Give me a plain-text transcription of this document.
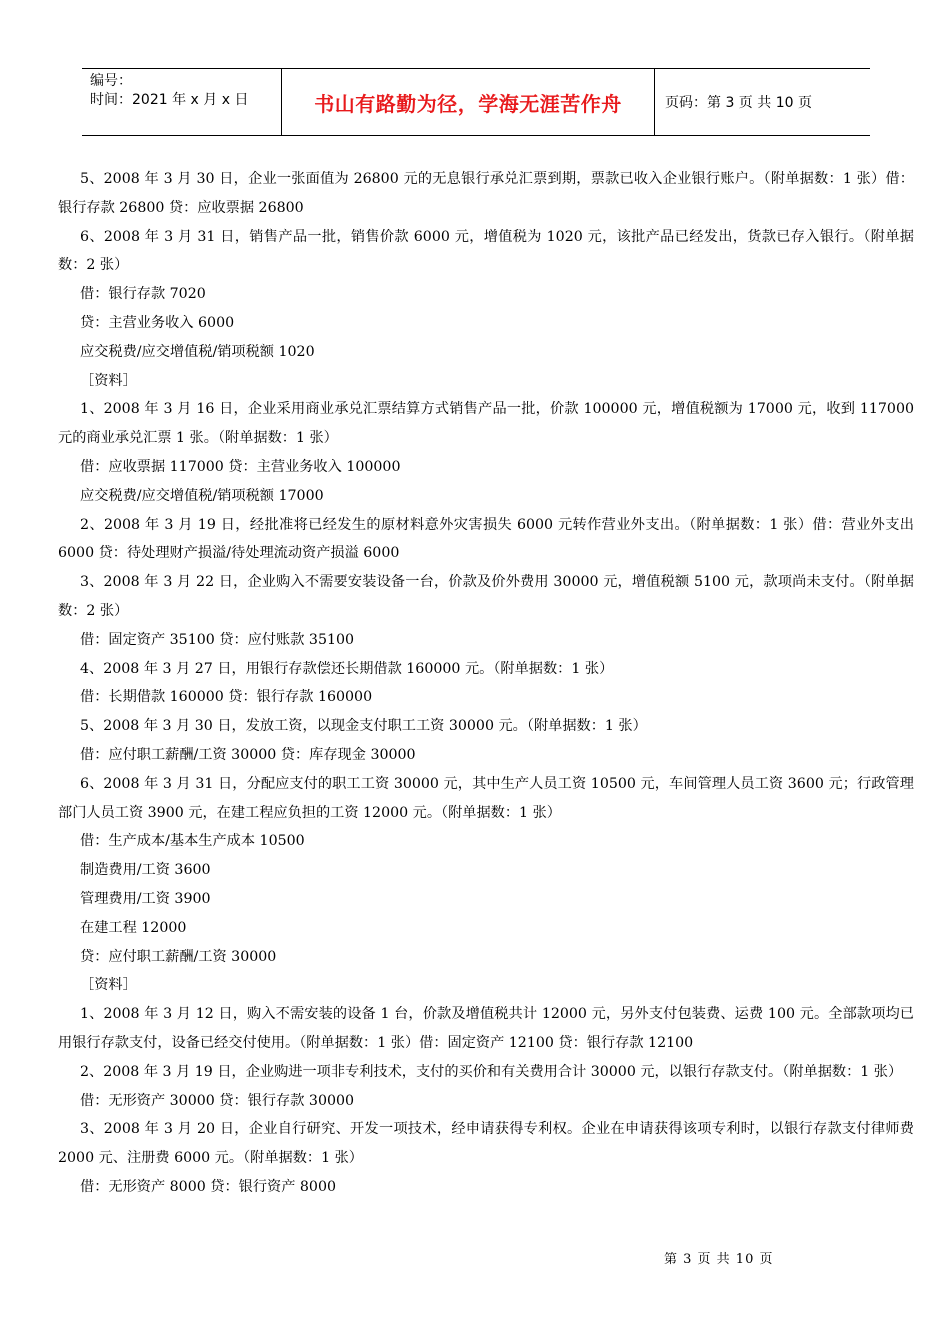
编号：
时间：2021 年 x 月 x 日	书山有路勤为径，学海无涯苦作舟	页码：第 3 页 共 10 页

5、2008 年 3 月 30 日，企业一张面值为 26800 元的无息银行承兑汇票到期，票款已收入企业银行账户。（附单据数：1 张）借：银行存款 26800 贷：应收票据 26800

6、2008 年 3 月 31 日，销售产品一批，销售价款 6000 元，增值税为 1020 元，该批产品已经发出，货款已存入银行。（附单据数：2 张）

借：银行存款 7020

贷：主营业务收入 6000

应交税费/应交增值税/销项税额 1020

［资料］

1、2008 年 3 月 16 日，企业采用商业承兑汇票结算方式销售产品一批，价款 100000 元，增值税额为 17000 元，收到 117000 元的商业承兑汇票 1 张。（附单据数：1 张）

借：应收票据 117000 贷：主营业务收入 100000

应交税费/应交增值税/销项税额 17000

2、2008 年 3 月 19 日，经批准将已经发生的原材料意外灾害损失 6000 元转作营业外支出。（附单据数：1 张）借：营业外支出 6000 贷：待处理财产损溢/待处理流动资产损溢 6000

3、2008 年 3 月 22 日，企业购入不需要安装设备一台，价款及价外费用 30000 元，增值税额 5100 元，款项尚未支付。（附单据数：2 张）

借：固定资产 35100 贷：应付账款 35100

4、2008 年 3 月 27 日，用银行存款偿还长期借款 160000 元。（附单据数：1 张）

借：长期借款 160000 贷：银行存款 160000

5、2008 年 3 月 30 日，发放工资，以现金支付职工工资 30000 元。（附单据数：1 张）

借：应付职工薪酬/工资 30000 贷：库存现金 30000

6、2008 年 3 月 31 日，分配应支付的职工工资 30000 元，其中生产人员工资 10500 元，车间管理人员工资 3600 元；行政管理部门人员工资 3900 元，在建工程应负担的工资 12000 元。（附单据数：1 张）

借：生产成本/基本生产成本 10500

制造费用/工资 3600

管理费用/工资 3900

在建工程 12000

贷：应付职工薪酬/工资 30000

［资料］

1、2008 年 3 月 12 日，购入不需安装的设备 1 台，价款及增值税共计 12000 元，另外支付包装费、运费 100 元。全部款项均已用银行存款支付，设备已经交付使用。（附单据数：1 张）借：固定资产 12100 贷：银行存款 12100

2、2008 年 3 月 19 日，企业购进一项非专利技术，支付的买价和有关费用合计 30000 元，以银行存款支付。（附单据数：1 张）

借：无形资产 30000 贷：银行存款 30000

3、2008 年 3 月 20 日，企业自行研究、开发一项技术，经申请获得专利权。企业在申请获得该项专利时，以银行存款支付律师费 2000 元、注册费 6000 元。（附单据数：1 张）

借：无形资产 8000 贷：银行资产 8000

第 3 页 共 10 页
